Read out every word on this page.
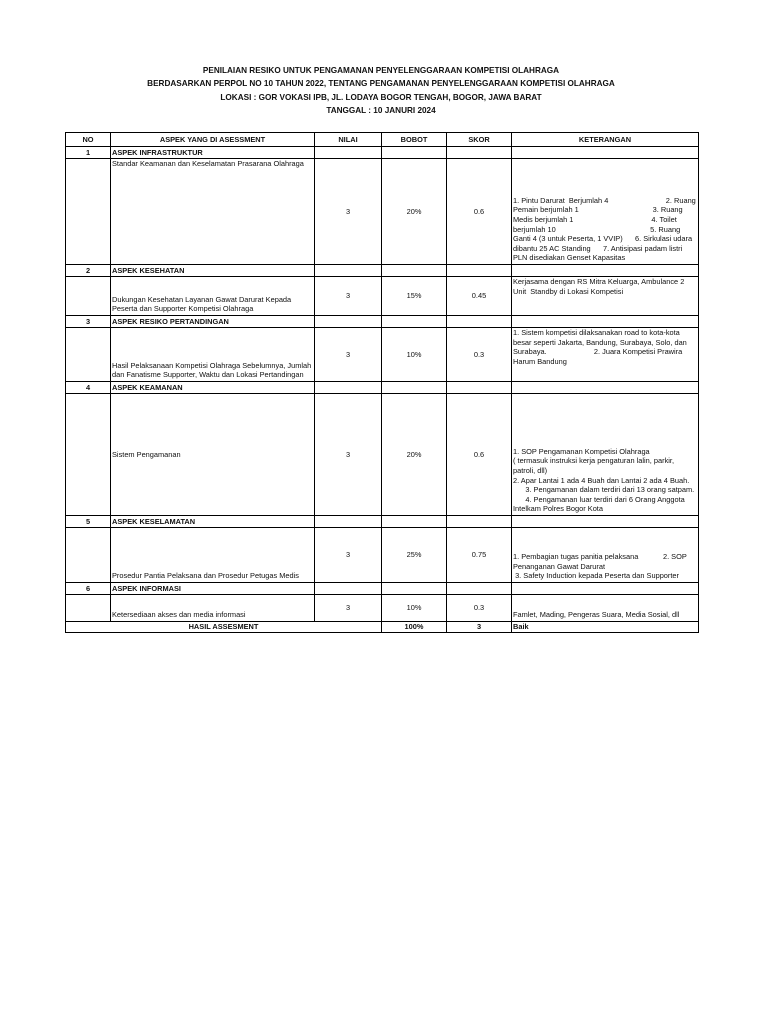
PENILAIAN RESIKO UNTUK PENGAMANAN PENYELENGGARAAN KOMPETISI OLAHRAGA
BERDASARKAN PERPOL NO 10 TAHUN 2022, TENTANG PENGAMANAN PENYELENGGARAAN KOMPETISI OLAHRAGA
LOKASI : GOR VOKASI IPB, JL. LODAYA BOGOR TENGAH, BOGOR, JAWA BARAT
TANGGAL : 10 JANURI 2024
NO	ASPEK YANG DI ASESSMENT	NILAI	BOBOT	SKOR	KETERANGAN
1	ASPEK INFRASTRUKTUR				
	Standar Keamanan dan Keselamatan Prasarana Olahraga	3	20%	0.6	1. Pintu Darurat  Berjumlah 4                            2. Ruang Pemain berjumlah 1                                    3. Ruang Medis berjumlah 1                                      4. Toilet berjumlah 10                                              5. Ruang Ganti 4 (3 untuk Peserta, 1 VVIP)      6. Sirkulasi udara dibantu 25 AC Standing      7. Antisipasi padam listri PLN disediakan Genset Kapasitas
2	ASPEK KESEHATAN				
	Dukungan Kesehatan Layanan Gawat Darurat Kepada Peserta dan Supporter Kompetisi Olahraga	3	15%	0.45	Kerjasama dengan RS Mitra Keluarga, Ambulance 2 Unit  Standby di Lokasi Kompetisi
3	ASPEK RESIKO PERTANDINGAN				
	Hasil Pelaksanaan Kompetisi Olahraga Sebelumnya, Jumlah dan Fanatisme Supporter, Waktu dan Lokasi Pertandingan	3	10%	0.3	1. Sistem kompetisi dilaksanakan road to kota-kota besar seperti Jakarta, Bandung, Surabaya, Solo, dan Surabaya.                       2. Juara Kompetisi Prawira Harum Bandung
4	ASPEK KEAMANAN				
	Sistem Pengamanan	3	20%	0.6	1. SOP Pengamanan Kompetisi Olahraga
( termasuk instruksi kerja pengaturan lalin, parkir, patroli, dll)
2. Apar Lantai 1 ada 4 Buah dan Lantai 2 ada 4 Buah.
3. Pengamanan dalam terdiri dari 13 orang satpam.
4. Pengamanan luar terdiri dari 6 Orang Anggota Intelkam Polres Bogor Kota
5	ASPEK KESELAMATAN				
	Prosedur Pantia Pelaksana dan Prosedur Petugas Medis	3	25%	0.75	1. Pembagian tugas panitia pelaksana            2. SOP Penanganan Gawat Darurat
3. Safety Induction kepada Peserta dan Supporter
6	ASPEK INFORMASI				
	Ketersediaan akses dan media informasi	3	10%	0.3	Famlet, Mading, Pengeras Suara, Media Sosial, dll
HASIL ASSESMENT			100%	3	Baik
